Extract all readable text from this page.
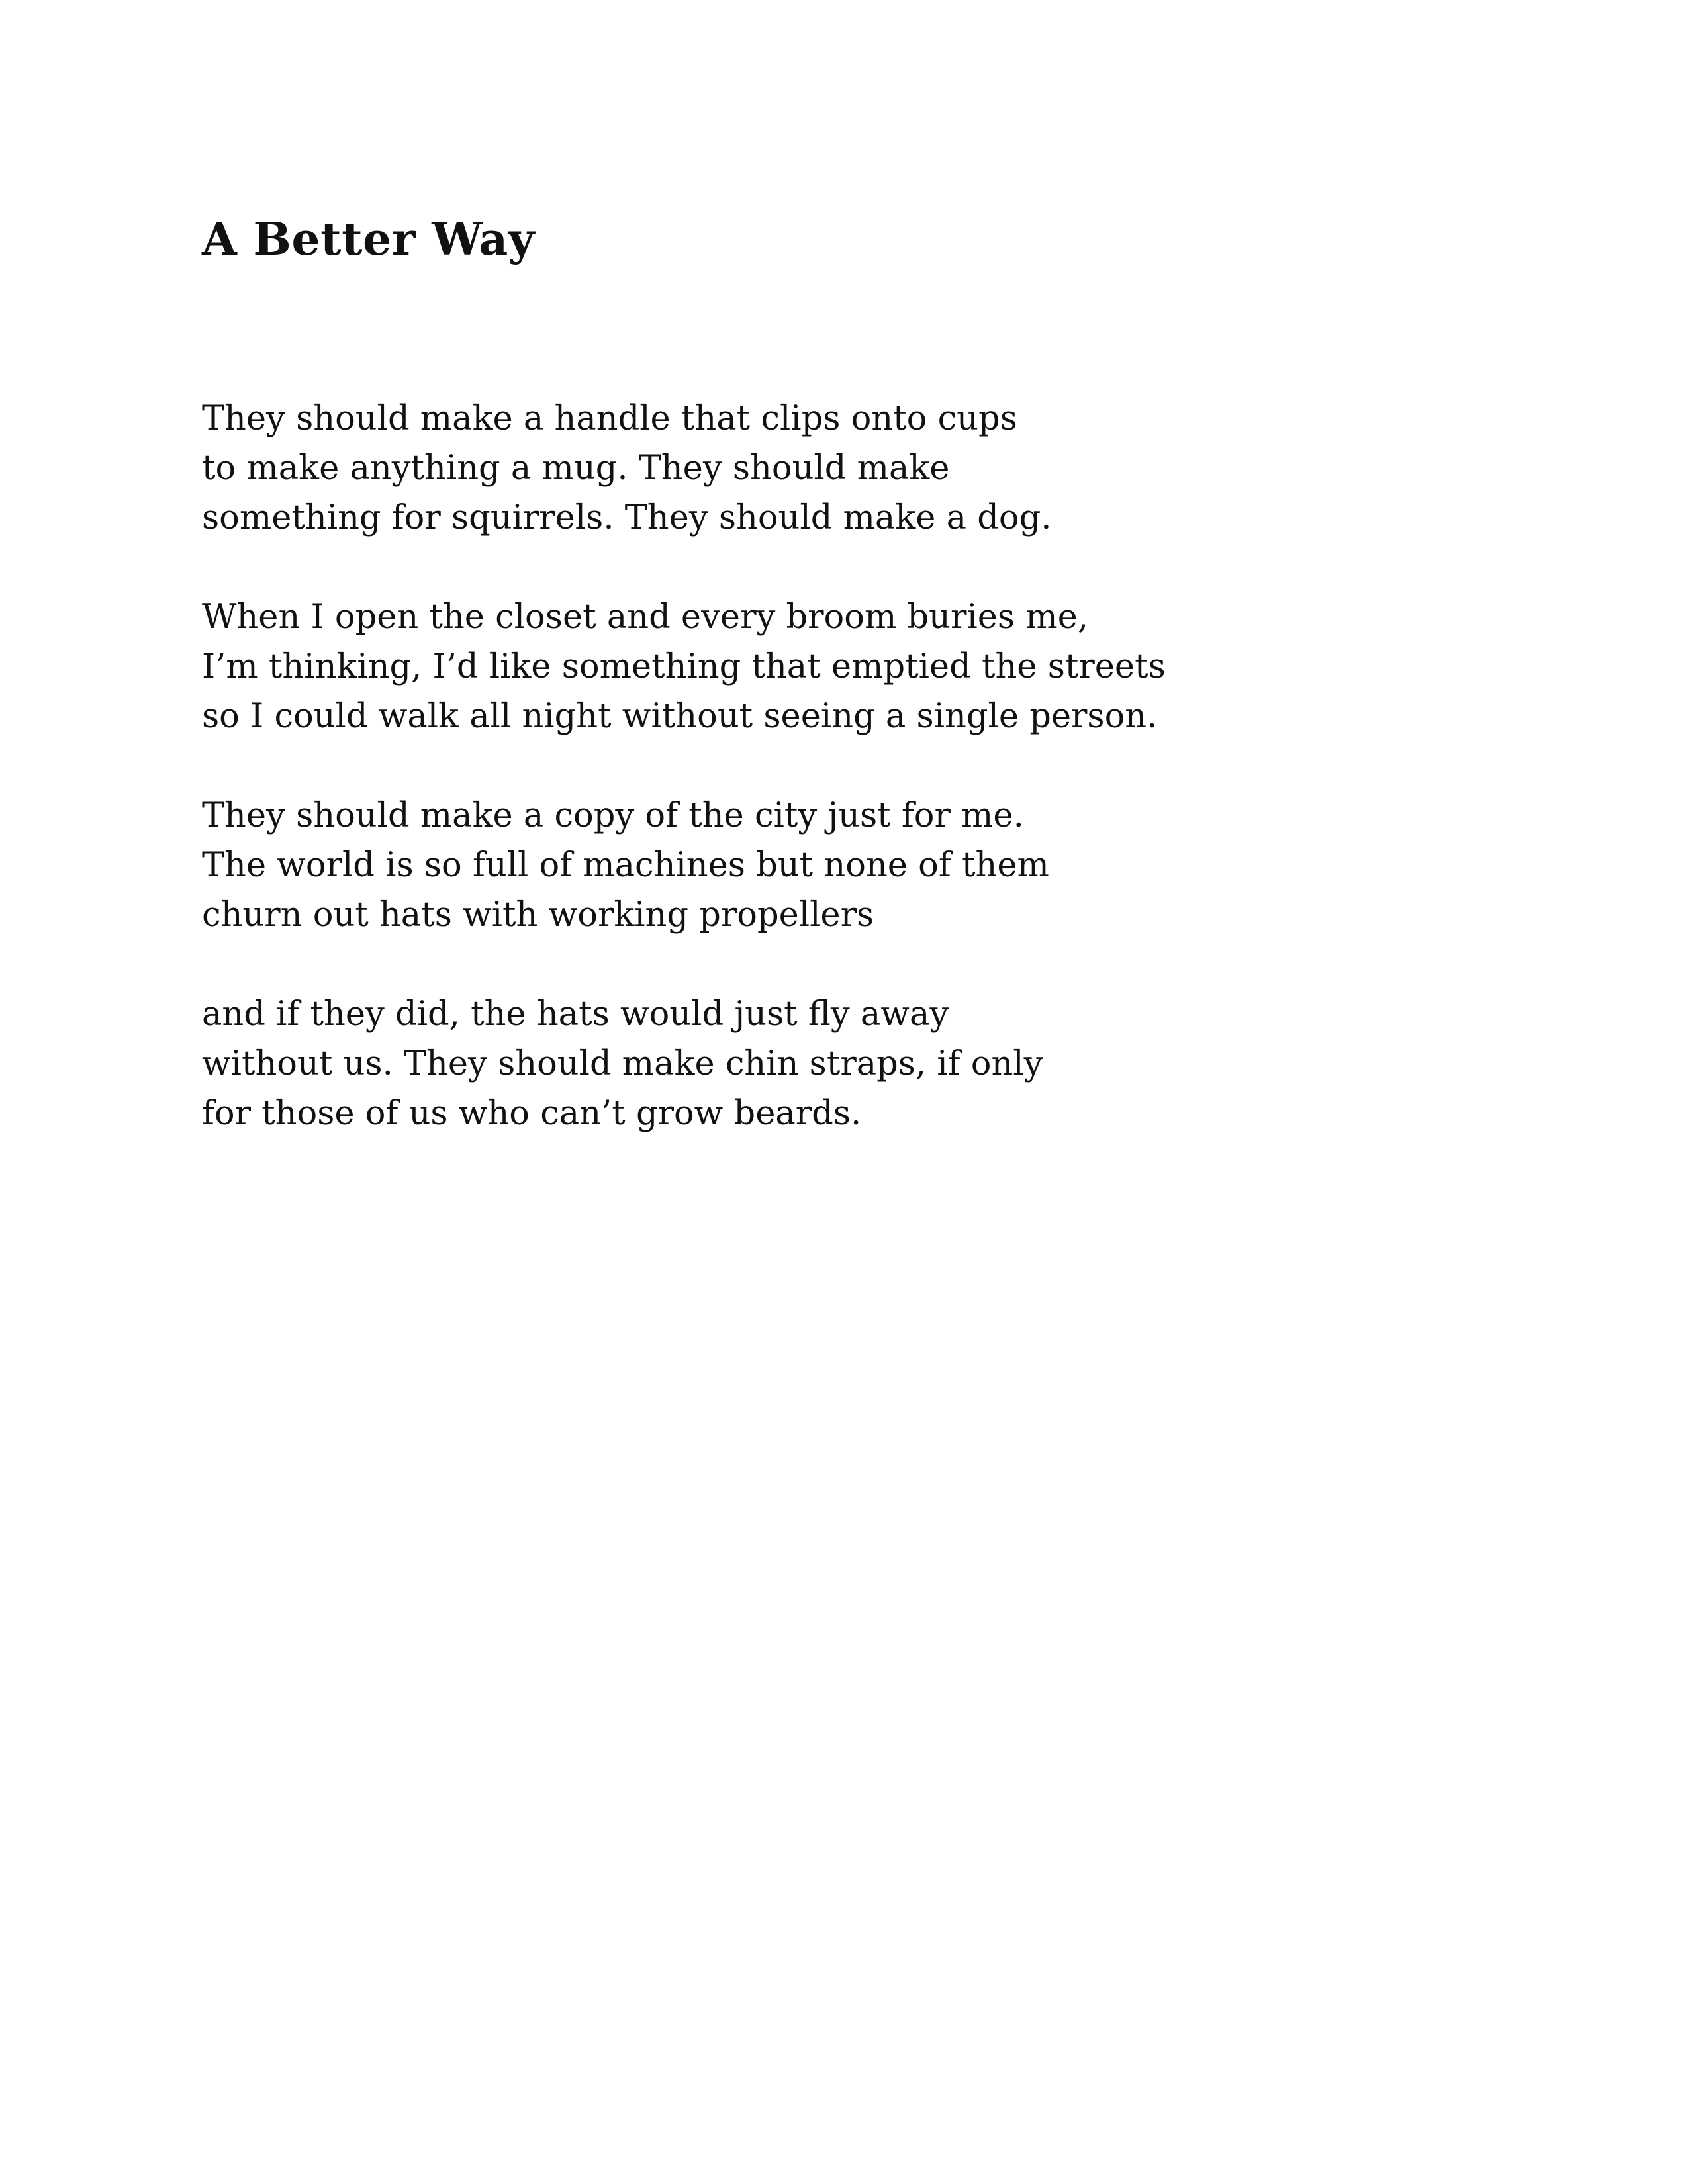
A Better Way
They should make a handle that clips onto cups
to make anything a mug. They should make
something for squirrels. They should make a dog.
When I open the closet and every broom buries me,
I’m thinking, I’d like something that emptied the streets
so I could walk all night without seeing a single person.
They should make a copy of the city just for me.
The world is so full of machines but none of them
churn out hats with working propellers
and if they did, the hats would just fly away
without us. They should make chin straps, if only
for those of us who can’t grow beards.
